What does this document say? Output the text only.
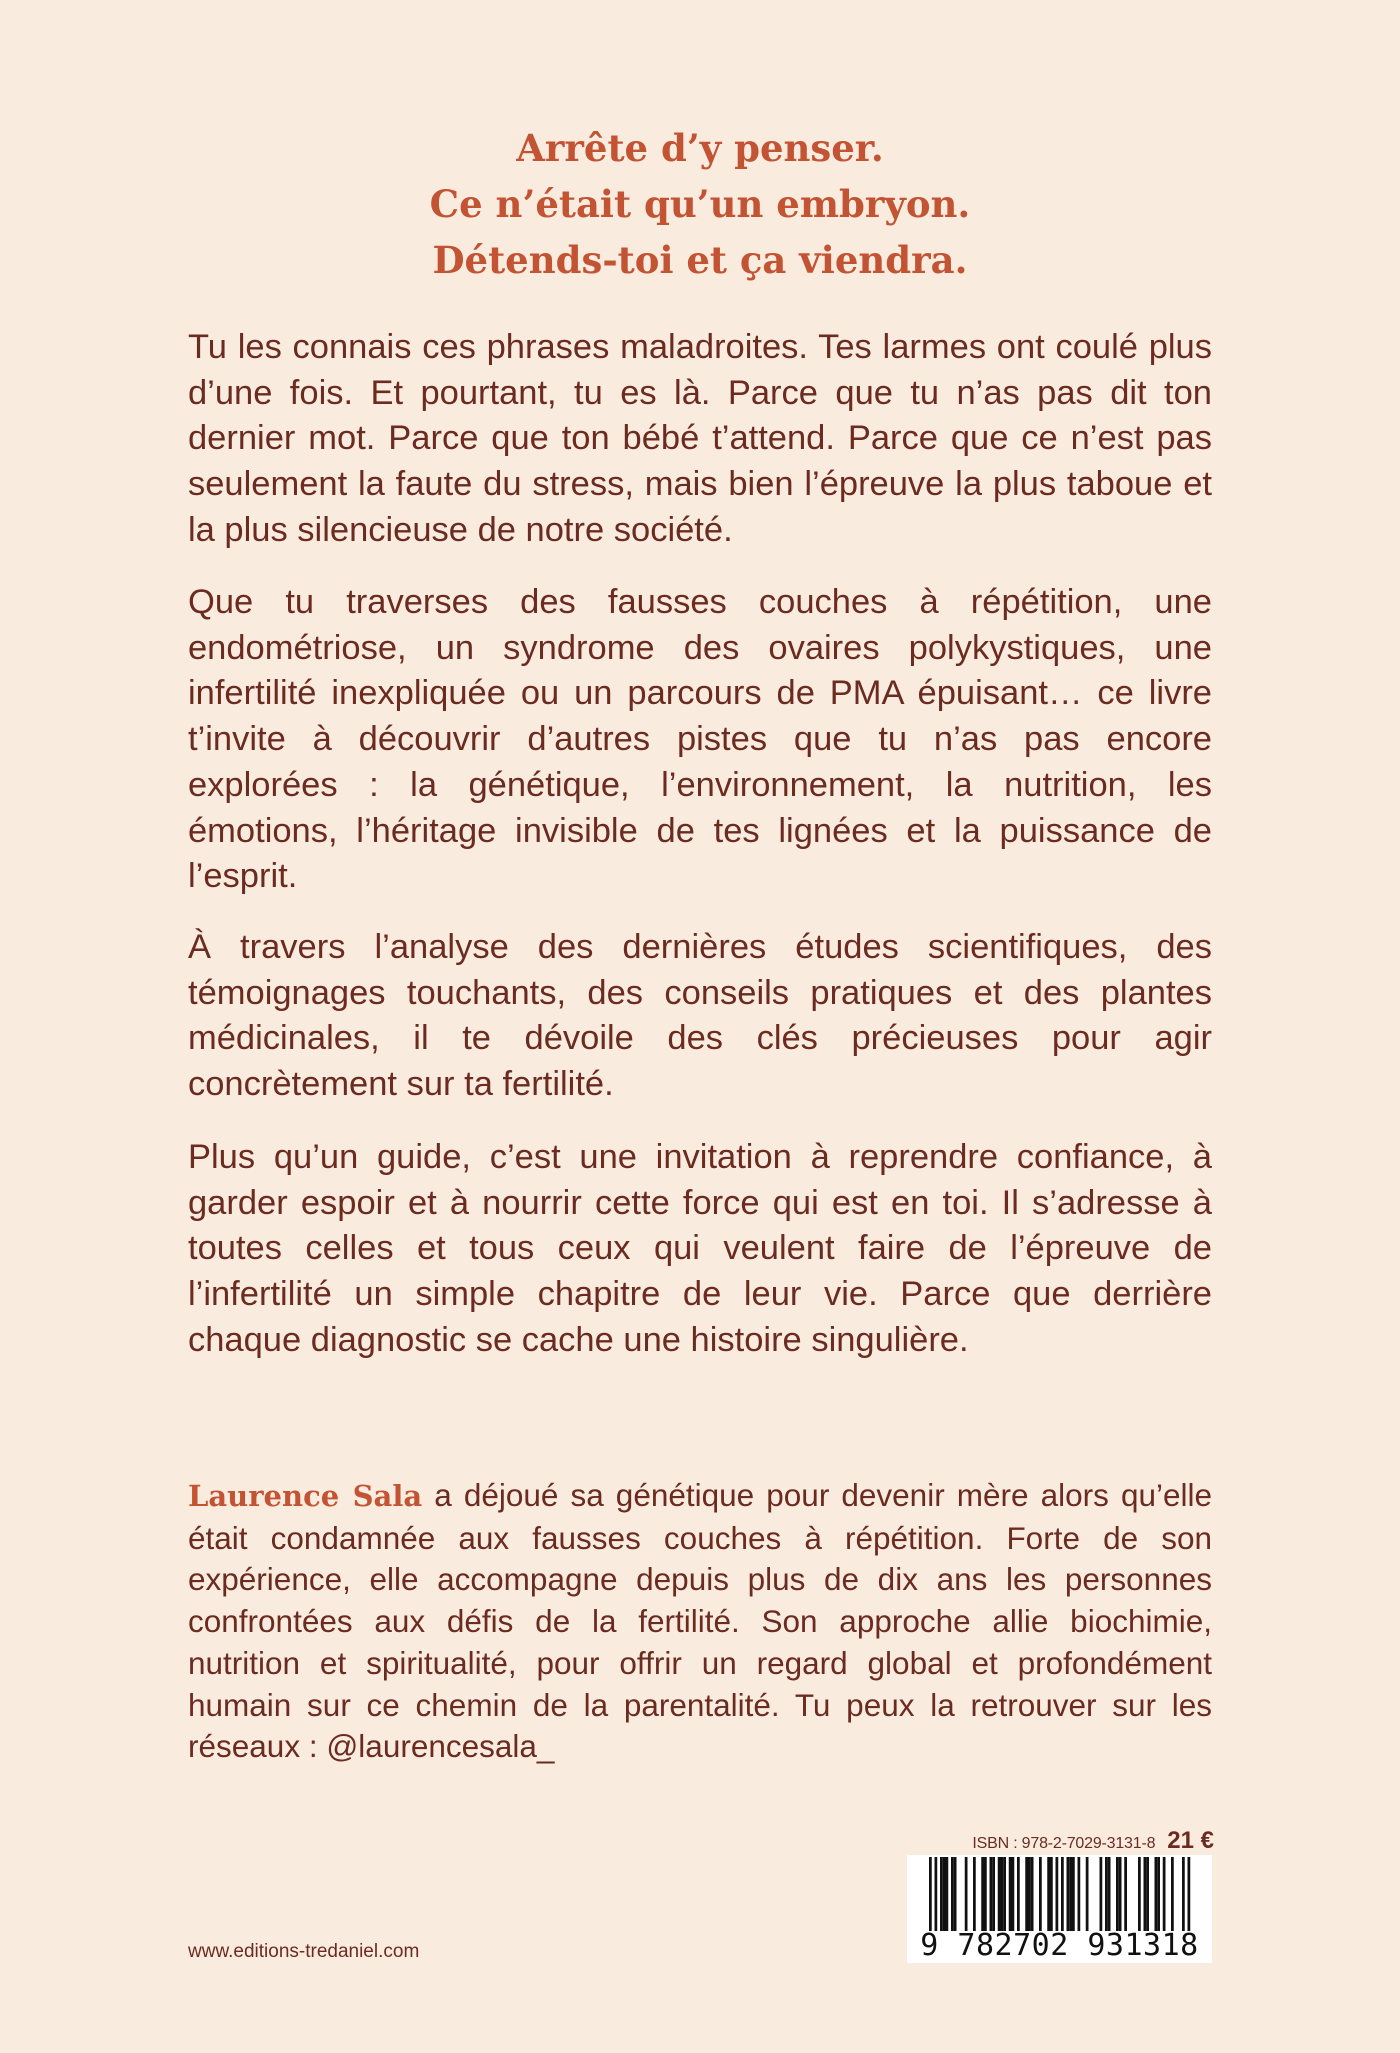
Arrête d’y penser.
Ce n’était qu’un embryon.
Détends-toi et ça viendra.

Tu les connais ces phrases maladroites. Tes larmes ont coulé plus d’une fois. Et pourtant, tu es là. Parce que tu n’as pas dit ton dernier mot. Parce que ton bébé t’attend. Parce que ce n’est pas seulement la faute du stress, mais bien l’épreuve la plus taboue et la plus silencieuse de notre société.

Que tu traverses des fausses couches à répétition, une endométriose, un syndrome des ovaires polykystiques, une infertilité inexpliquée ou un parcours de PMA épuisant… ce livre t’invite à découvrir d’autres pistes que tu n’as pas encore explorées : la génétique, l’environnement, la nutrition, les émotions, l’héritage invisible de tes lignées et la puissance de l’esprit.

À travers l’analyse des dernières études scientifiques, des témoignages touchants, des conseils pratiques et des plantes médicinales, il te dévoile des clés précieuses pour agir concrètement sur ta fertilité.

Plus qu’un guide, c’est une invitation à reprendre confiance, à garder espoir et à nourrir cette force qui est en toi. Il s’adresse à toutes celles et tous ceux qui veulent faire de l’épreuve de l’infertilité un simple chapitre de leur vie. Parce que derrière chaque diagnostic se cache une histoire singulière.

Laurence Sala a déjoué sa génétique pour devenir mère alors qu’elle était condamnée aux fausses couches à répétition. Forte de son expérience, elle accompagne depuis plus de dix ans les personnes confrontées aux défis de la fertilité. Son approche allie biochimie, nutrition et spiritualité, pour offrir un regard global et profondément humain sur ce chemin de la parentalité. Tu peux la retrouver sur les réseaux : @laurencesala_

ISBN : 978-2-7029-3131-8 21 €
9 782702 931318
www.editions-tredaniel.com
